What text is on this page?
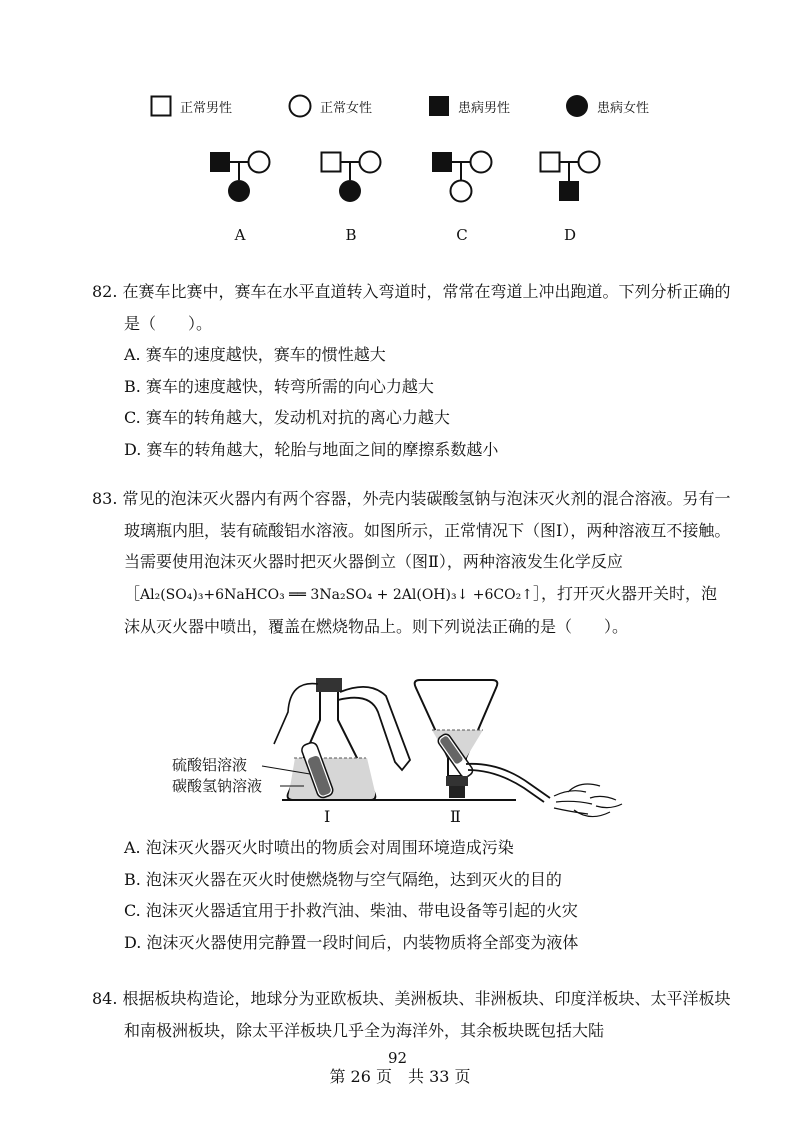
正常男性	正常女性	患病男性	患病女性
A	B	C	D
82. 在赛车比赛中，赛车在水平直道转入弯道时，常常在弯道上冲出跑道。下列分析正确的是（　　）。
A. 赛车的速度越快，赛车的惯性越大
B. 赛车的速度越快，转弯所需的向心力越大
C. 赛车的转角越大，发动机对抗的离心力越大
D. 赛车的转角越大，轮胎与地面之间的摩擦系数越小
83. 常见的泡沫灭火器内有两个容器，外壳内装碳酸氢钠与泡沫灭火剂的混合溶液。另有一玻璃瓶内胆，装有硫酸铝水溶液。如图所示，正常情况下（图Ⅰ），两种溶液互不接触。当需要使用泡沫灭火器时把灭火器倒立（图Ⅱ），两种溶液发生化学反应［Al₂(SO₄)₃+6NaHCO₃ ══ 3Na₂SO₄ + 2Al(OH)₃↓ +6CO₂↑］，打开灭火器开关时，泡沫从灭火器中喷出，覆盖在燃烧物品上。则下列说法正确的是（　　）。
硫酸铝溶液
碳酸氢钠溶液
Ⅰ	Ⅱ
A. 泡沫灭火器灭火时喷出的物质会对周围环境造成污染
B. 泡沫灭火器在灭火时使燃烧物与空气隔绝，达到灭火的目的
C. 泡沫灭火器适宜用于扑救汽油、柴油、带电设备等引起的火灾
D. 泡沫灭火器使用完静置一段时间后，内装物质将全部变为液体
84. 根据板块构造论，地球分为亚欧板块、美洲板块、非洲板块、印度洋板块、太平洋板块和南极洲板块，除太平洋板块几乎全为海洋外，其余板块既包括大陆
92
第 26 页　共 33 页
